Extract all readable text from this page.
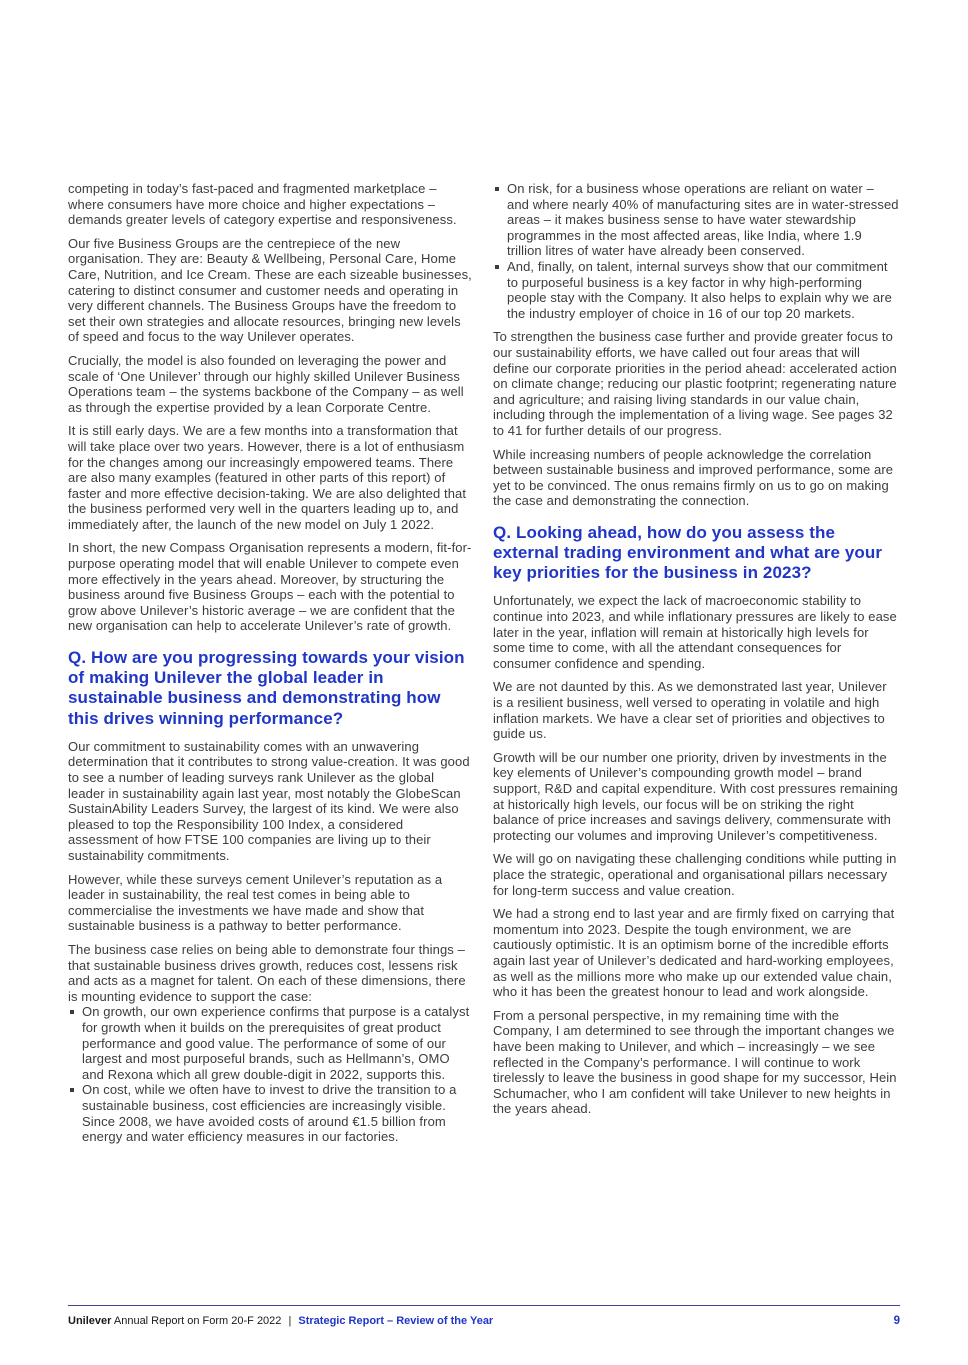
competing in today’s fast-paced and fragmented marketplace – where consumers have more choice and higher expectations – demands greater levels of category expertise and responsiveness.

Our five Business Groups are the centrepiece of the new organisation. They are: Beauty & Wellbeing, Personal Care, Home Care, Nutrition, and Ice Cream. These are each sizeable businesses, catering to distinct consumer and customer needs and operating in very different channels. The Business Groups have the freedom to set their own strategies and allocate resources, bringing new levels of speed and focus to the way Unilever operates.

Crucially, the model is also founded on leveraging the power and scale of ‘One Unilever’ through our highly skilled Unilever Business Operations team – the systems backbone of the Company – as well as through the expertise provided by a lean Corporate Centre.

It is still early days. We are a few months into a transformation that will take place over two years. However, there is a lot of enthusiasm for the changes among our increasingly empowered teams. There are also many examples (featured in other parts of this report) of faster and more effective decision-taking. We are also delighted that the business performed very well in the quarters leading up to, and immediately after, the launch of the new model on July 1 2022.

In short, the new Compass Organisation represents a modern, fit-for-purpose operating model that will enable Unilever to compete even more effectively in the years ahead. Moreover, by structuring the business around five Business Groups – each with the potential to grow above Unilever’s historic average – we are confident that the new organisation can help to accelerate Unilever’s rate of growth.

Q. How are you progressing towards your vision of making Unilever the global leader in sustainable business and demonstrating how this drives winning performance?

Our commitment to sustainability comes with an unwavering determination that it contributes to strong value-creation. It was good to see a number of leading surveys rank Unilever as the global leader in sustainability again last year, most notably the GlobeScan SustainAbility Leaders Survey, the largest of its kind. We were also pleased to top the Responsibility 100 Index, a considered assessment of how FTSE 100 companies are living up to their sustainability commitments.

However, while these surveys cement Unilever’s reputation as a leader in sustainability, the real test comes in being able to commercialise the investments we have made and show that sustainable business is a pathway to better performance.

The business case relies on being able to demonstrate four things – that sustainable business drives growth, reduces cost, lessens risk and acts as a magnet for talent. On each of these dimensions, there is mounting evidence to support the case:

On growth, our own experience confirms that purpose is a catalyst for growth when it builds on the prerequisites of great product performance and good value. The performance of some of our largest and most purposeful brands, such as Hellmann’s, OMO and Rexona which all grew double-digit in 2022, supports this.
On cost, while we often have to invest to drive the transition to a sustainable business, cost efficiencies are increasingly visible. Since 2008, we have avoided costs of around €1.5 billion from energy and water efficiency measures in our factories.
On risk, for a business whose operations are reliant on water – and where nearly 40% of manufacturing sites are in water-stressed areas – it makes business sense to have water stewardship programmes in the most affected areas, like India, where 1.9 trillion litres of water have already been conserved.
And, finally, on talent, internal surveys show that our commitment to purposeful business is a key factor in why high-performing people stay with the Company. It also helps to explain why we are the industry employer of choice in 16 of our top 20 markets.

To strengthen the business case further and provide greater focus to our sustainability efforts, we have called out four areas that will define our corporate priorities in the period ahead: accelerated action on climate change; reducing our plastic footprint; regenerating nature and agriculture; and raising living standards in our value chain, including through the implementation of a living wage. See pages 32 to 41 for further details of our progress.

While increasing numbers of people acknowledge the correlation between sustainable business and improved performance, some are yet to be convinced. The onus remains firmly on us to go on making the case and demonstrating the connection.

Q. Looking ahead, how do you assess the external trading environment and what are your key priorities for the business in 2023?

Unfortunately, we expect the lack of macroeconomic stability to continue into 2023, and while inflationary pressures are likely to ease later in the year, inflation will remain at historically high levels for some time to come, with all the attendant consequences for consumer confidence and spending.

We are not daunted by this. As we demonstrated last year, Unilever is a resilient business, well versed to operating in volatile and high inflation markets. We have a clear set of priorities and objectives to guide us.

Growth will be our number one priority, driven by investments in the key elements of Unilever’s compounding growth model – brand support, R&D and capital expenditure. With cost pressures remaining at historically high levels, our focus will be on striking the right balance of price increases and savings delivery, commensurate with protecting our volumes and improving Unilever’s competitiveness.

We will go on navigating these challenging conditions while putting in place the strategic, operational and organisational pillars necessary for long-term success and value creation.

We had a strong end to last year and are firmly fixed on carrying that momentum into 2023. Despite the tough environment, we are cautiously optimistic. It is an optimism borne of the incredible efforts again last year of Unilever’s dedicated and hard-working employees, as well as the millions more who make up our extended value chain, who it has been the greatest honour to lead and work alongside.

From a personal perspective, in my remaining time with the Company, I am determined to see through the important changes we have been making to Unilever, and which – increasingly – we see reflected in the Company’s performance. I will continue to work tirelessly to leave the business in good shape for my successor, Hein Schumacher, who I am confident will take Unilever to new heights in the years ahead.

Unilever Annual Report on Form 20-F 2022 | Strategic Report – Review of the Year	9
